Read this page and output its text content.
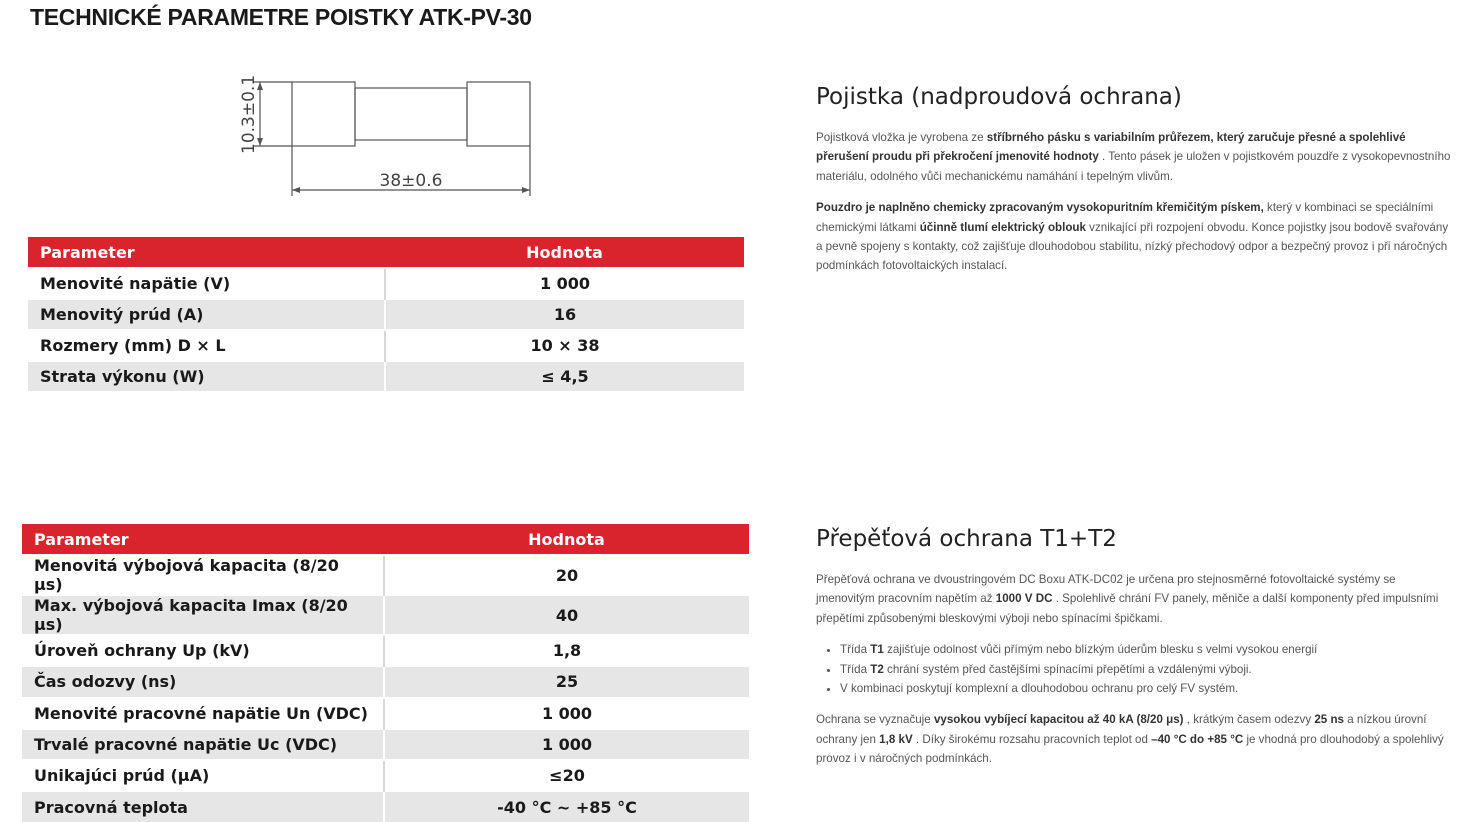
TECHNICKÉ PARAMETRE POISTKY ATK-PV-30
10.3±0.1
38±0.6
Parameter	Hodnota
Menovité napätie (V)	1 000
Menovitý prúd (A)	16
Rozmery (mm) D × L	10 × 38
Strata výkonu (W)	≤ 4,5
Parameter	Hodnota
Menovitá výbojová kapacita (8/20 μs)	20
Max. výbojová kapacita Imax (8/20 μs)	40
Úroveň ochrany Up (kV)	1,8
Čas odozvy (ns)	25
Menovité pracovné napätie Un (VDC)	1 000
Trvalé pracovné napätie Uc (VDC)	1 000
Unikajúci prúd (μA)	≤20
Pracovná teplota	-40 °C ~ +85 °C
Pojistka (nadproudová ochrana)

Pojistková vložka je vyrobena ze stříbrného pásku s variabilním průřezem, který zaručuje přesné a spolehlivé přerušení proudu při překročení jmenovité hodnoty . Tento pásek je uložen v pojistkovém pouzdře z vysokopevnostního materiálu, odolného vůči mechanickému namáhání i tepelným vlivům.

Pouzdro je naplněno chemicky zpracovaným vysokopuritním křemičitým pískem, který v kombinaci se speciálními chemickými látkami účinně tlumí elektrický oblouk vznikající při rozpojení obvodu. Konce pojistky jsou bodově svařovány a pevně spojeny s kontakty, což zajišťuje dlouhodobou stabilitu, nízký přechodový odpor a bezpečný provoz i při náročných podmínkách fotovoltaických instalací.

Přepěťová ochrana T1+T2

Přepěťová ochrana ve dvoustringovém DC Boxu ATK-DC02 je určena pro stejnosměrné fotovoltaické systémy se jmenovitým pracovním napětím až 1000 V DC . Spolehlivě chrání FV panely, měniče a další komponenty před impulsními přepětími způsobenými bleskovými výboji nebo spínacími špičkami.

• Třída T1 zajišťuje odolnost vůči přímým nebo blízkým úderům blesku s velmi vysokou energií
• Třída T2 chrání systém před častějšími spínacími přepětími a vzdálenými výboji.
• V kombinaci poskytují komplexní a dlouhodobou ochranu pro celý FV systém.

Ochrana se vyznačuje vysokou vybíjecí kapacitou až 40 kA (8/20 μs) , krátkým časem odezvy 25 ns a nízkou úrovní ochrany jen 1,8 kV . Díky širokému rozsahu pracovních teplot od –40 °C do +85 °C je vhodná pro dlouhodobý a spolehlivý provoz i v náročných podmínkách.
